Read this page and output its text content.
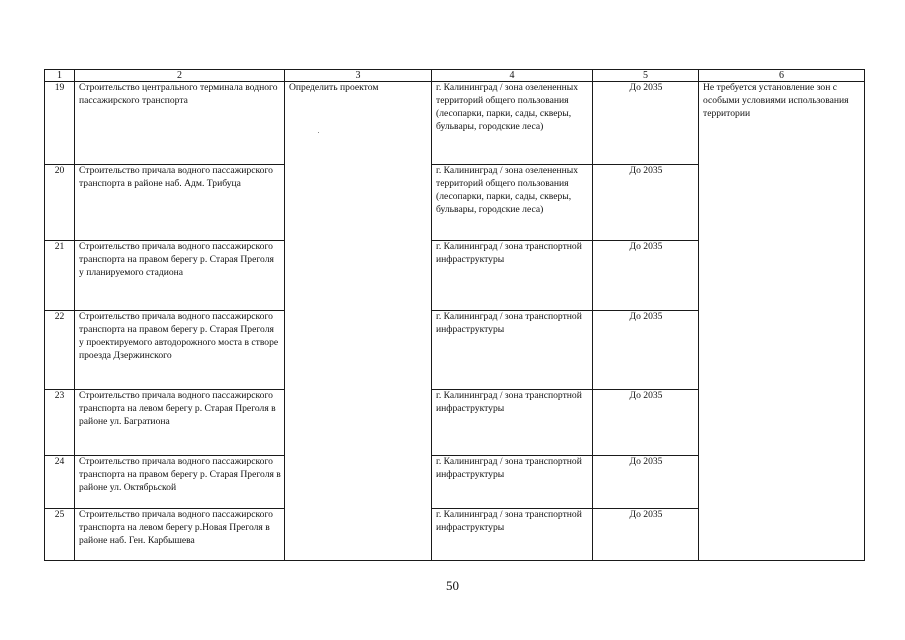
1	2	3	4	5	6
19	Строительство центрального терминала водного пассажирского транспорта	Определить проектом	г. Калининград / зона озелененных территорий общего пользования (лесопарки, парки, сады, скверы, бульвары, городские леса)	До 2035	Не требуется установление зон с особыми условиями использования территории
20	Строительство причала водного пассажирского транспорта в районе наб. Адм. Трибуца		г. Калининград / зона озелененных территорий общего пользования (лесопарки, парки, сады, скверы, бульвары, городские леса)	До 2035	
21	Строительство причала водного пассажирского транспорта на правом берегу р. Старая Преголя у планируемого стадиона		г. Калининград / зона транспортной инфраструктуры	До 2035	
22	Строительство причала водного пассажирского транспорта на правом берегу р. Старая Преголя у проектируемого автодорожного моста в створе проезда Дзержинского		г. Калининград / зона транспортной инфраструктуры	До 2035	
23	Строительство причала водного пассажирского транспорта на левом берегу р. Старая Преголя в районе ул. Багратиона		г. Калининград / зона транспортной инфраструктуры	До 2035	
24	Строительство причала водного пассажирского транспорта на правом берегу р. Старая Преголя в районе ул. Октябрьской		г. Калининград / зона транспортной инфраструктуры	До 2035	
25	Строительство причала водного пассажирского транспорта на левом берегу р.Новая Преголя в районе наб. Ген. Карбышева		г. Калининград / зона транспортной инфраструктуры	До 2035	
50
